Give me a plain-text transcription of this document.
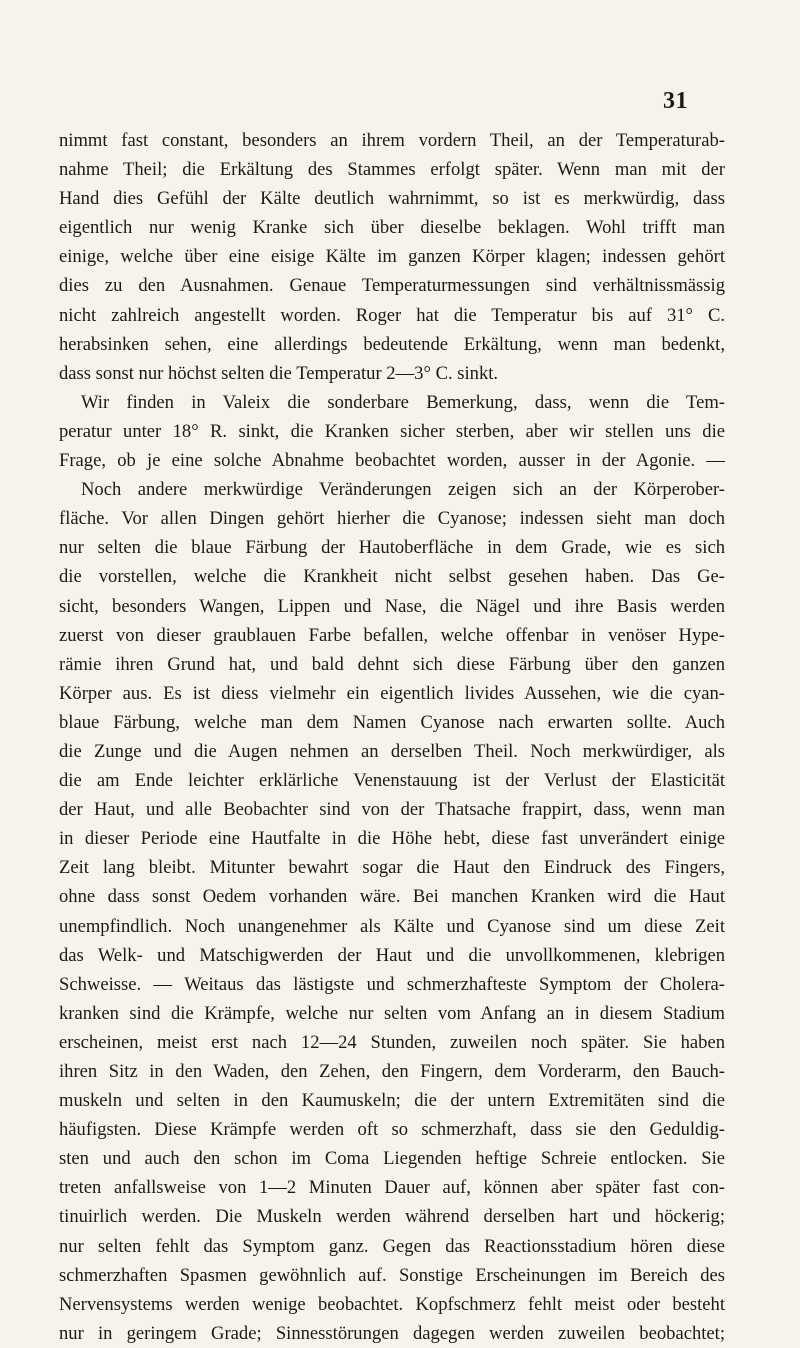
31
nimmt fast constant, besonders an ihrem vordern Theil, an der Temperaturab-
nahme Theil; die Erkältung des Stammes erfolgt später. Wenn man mit der
Hand dies Gefühl der Kälte deutlich wahrnimmt, so ist es merkwürdig, dass
eigentlich nur wenig Kranke sich über dieselbe beklagen. Wohl trifft man
einige, welche über eine eisige Kälte im ganzen Körper klagen; indessen gehört
dies zu den Ausnahmen. Genaue Temperaturmessungen sind verhältnissmässig
nicht zahlreich angestellt worden. Roger hat die Temperatur bis auf 31° C.
herabsinken sehen, eine allerdings bedeutende Erkältung, wenn man bedenkt,
dass sonst nur höchst selten die Temperatur 2—3° C. sinkt.
Wir finden in Valeix die sonderbare Bemerkung, dass, wenn die Tem-
peratur unter 18° R. sinkt, die Kranken sicher sterben, aber wir stellen uns die
Frage, ob je eine solche Abnahme beobachtet worden, ausser in der Agonie. —
Noch andere merkwürdige Veränderungen zeigen sich an der Körperober-
fläche. Vor allen Dingen gehört hierher die Cyanose; indessen sieht man doch
nur selten die blaue Färbung der Hautoberfläche in dem Grade, wie es sich
die vorstellen, welche die Krankheit nicht selbst gesehen haben. Das Ge-
sicht, besonders Wangen, Lippen und Nase, die Nägel und ihre Basis werden
zuerst von dieser graublauen Farbe befallen, welche offenbar in venöser Hype-
rämie ihren Grund hat, und bald dehnt sich diese Färbung über den ganzen
Körper aus. Es ist diess vielmehr ein eigentlich livides Aussehen, wie die cyan-
blaue Färbung, welche man dem Namen Cyanose nach erwarten sollte. Auch
die Zunge und die Augen nehmen an derselben Theil. Noch merkwürdiger, als
die am Ende leichter erklärliche Venenstauung ist der Verlust der Elasticität
der Haut, und alle Beobachter sind von der Thatsache frappirt, dass, wenn man
in dieser Periode eine Hautfalte in die Höhe hebt, diese fast unverändert einige
Zeit lang bleibt. Mitunter bewahrt sogar die Haut den Eindruck des Fingers,
ohne dass sonst Oedem vorhanden wäre. Bei manchen Kranken wird die Haut
unempfindlich. Noch unangenehmer als Kälte und Cyanose sind um diese Zeit
das Welk- und Matschigwerden der Haut und die unvollkommenen, klebrigen
Schweisse. — Weitaus das lästigste und schmerzhafteste Symptom der Cholera-
kranken sind die Krämpfe, welche nur selten vom Anfang an in diesem Stadium
erscheinen, meist erst nach 12—24 Stunden, zuweilen noch später. Sie haben
ihren Sitz in den Waden, den Zehen, den Fingern, dem Vorderarm, den Bauch-
muskeln und selten in den Kaumuskeln; die der untern Extremitäten sind die
häufigsten. Diese Krämpfe werden oft so schmerzhaft, dass sie den Geduldig-
sten und auch den schon im Coma Liegenden heftige Schreie entlocken. Sie
treten anfallsweise von 1—2 Minuten Dauer auf, können aber später fast con-
tinuirlich werden. Die Muskeln werden während derselben hart und höckerig;
nur selten fehlt das Symptom ganz. Gegen das Reactionsstadium hören diese
schmerzhaften Spasmen gewöhnlich auf. Sonstige Erscheinungen im Bereich des
Nervensystems werden wenige beobachtet. Kopfschmerz fehlt meist oder besteht
nur in geringem Grade; Sinnesstörungen dagegen werden zuweilen beobachtet;
